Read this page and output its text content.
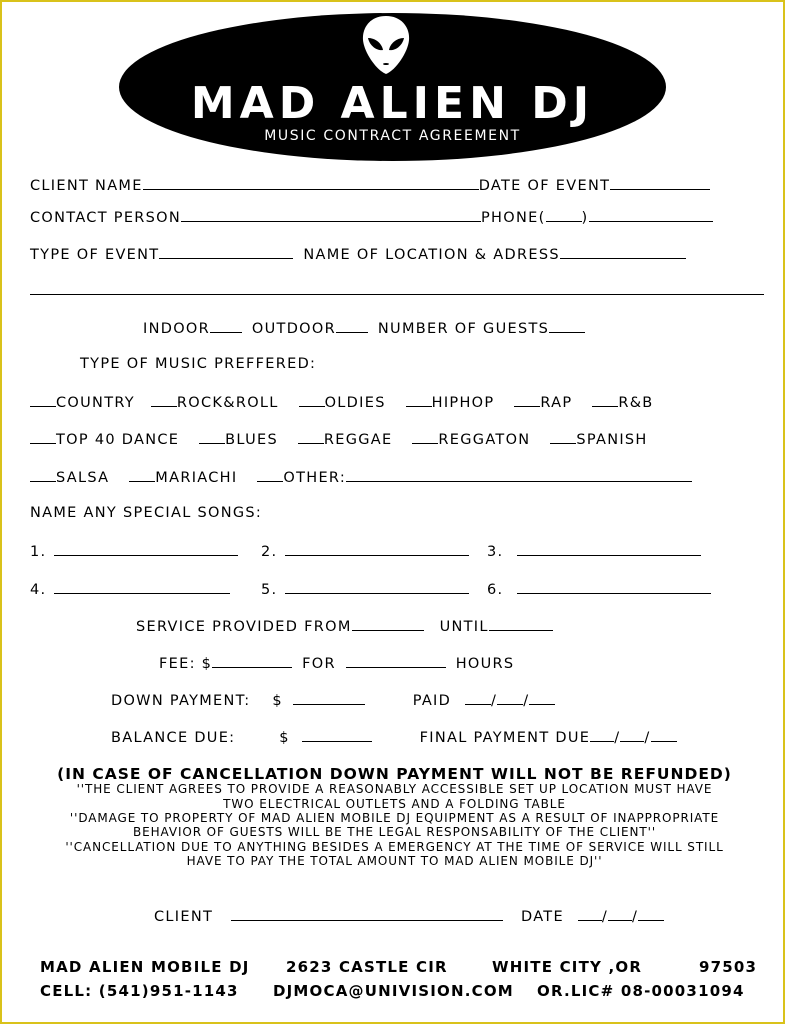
MAD ALIEN DJ
MUSIC CONTRACT AGREEMENT
CLIENT NAME	DATE OF EVENT
CONTACT PERSON	PHONE( )
TYPE OF EVENT	NAME OF LOCATION & ADRESS
INDOOR	OUTDOOR	NUMBER OF GUESTS
TYPE OF MUSIC PREFFERED:
COUNTRY	ROCK&ROLL	OLDIES	HIPHOP	RAP	R&B
TOP 40 DANCE	BLUES	REGGAE	REGGATON	SPANISH
SALSA	MARIACHI	OTHER:
NAME ANY SPECIAL SONGS:
1.	2.	3.
4.	5.	6.
SERVICE PROVIDED FROM	UNTIL
FEE: $	FOR	HOURS
DOWN PAYMENT: $	PAID	/ /
BALANCE DUE:	$	FINAL PAYMENT DUE / /
(IN CASE OF CANCELLATION DOWN PAYMENT WILL NOT BE REFUNDED)
''THE CLIENT AGREES TO PROVIDE A REASONABLY ACCESSIBLE SET UP LOCATION MUST HAVE
TWO ELECTRICAL OUTLETS AND A FOLDING TABLE
''DAMAGE TO PROPERTY OF MAD ALIEN MOBILE DJ EQUIPMENT AS A RESULT OF INAPPROPRIATE
BEHAVIOR OF GUESTS WILL BE THE LEGAL RESPONSABILITY OF THE CLIENT''
''CANCELLATION DUE TO ANYTHING BESIDES A EMERGENCY AT THE TIME OF SERVICE WILL STILL
HAVE TO PAY THE TOTAL AMOUNT TO MAD ALIEN MOBILE DJ''
CLIENT	DATE	/ /
MAD ALIEN MOBILE DJ 2623 CASTLE CIR	WHITE CITY ,OR	97503
CELL: (541)951-1143 DJMOCA@UNIVISION.COM OR.LIC# 08-00031094
